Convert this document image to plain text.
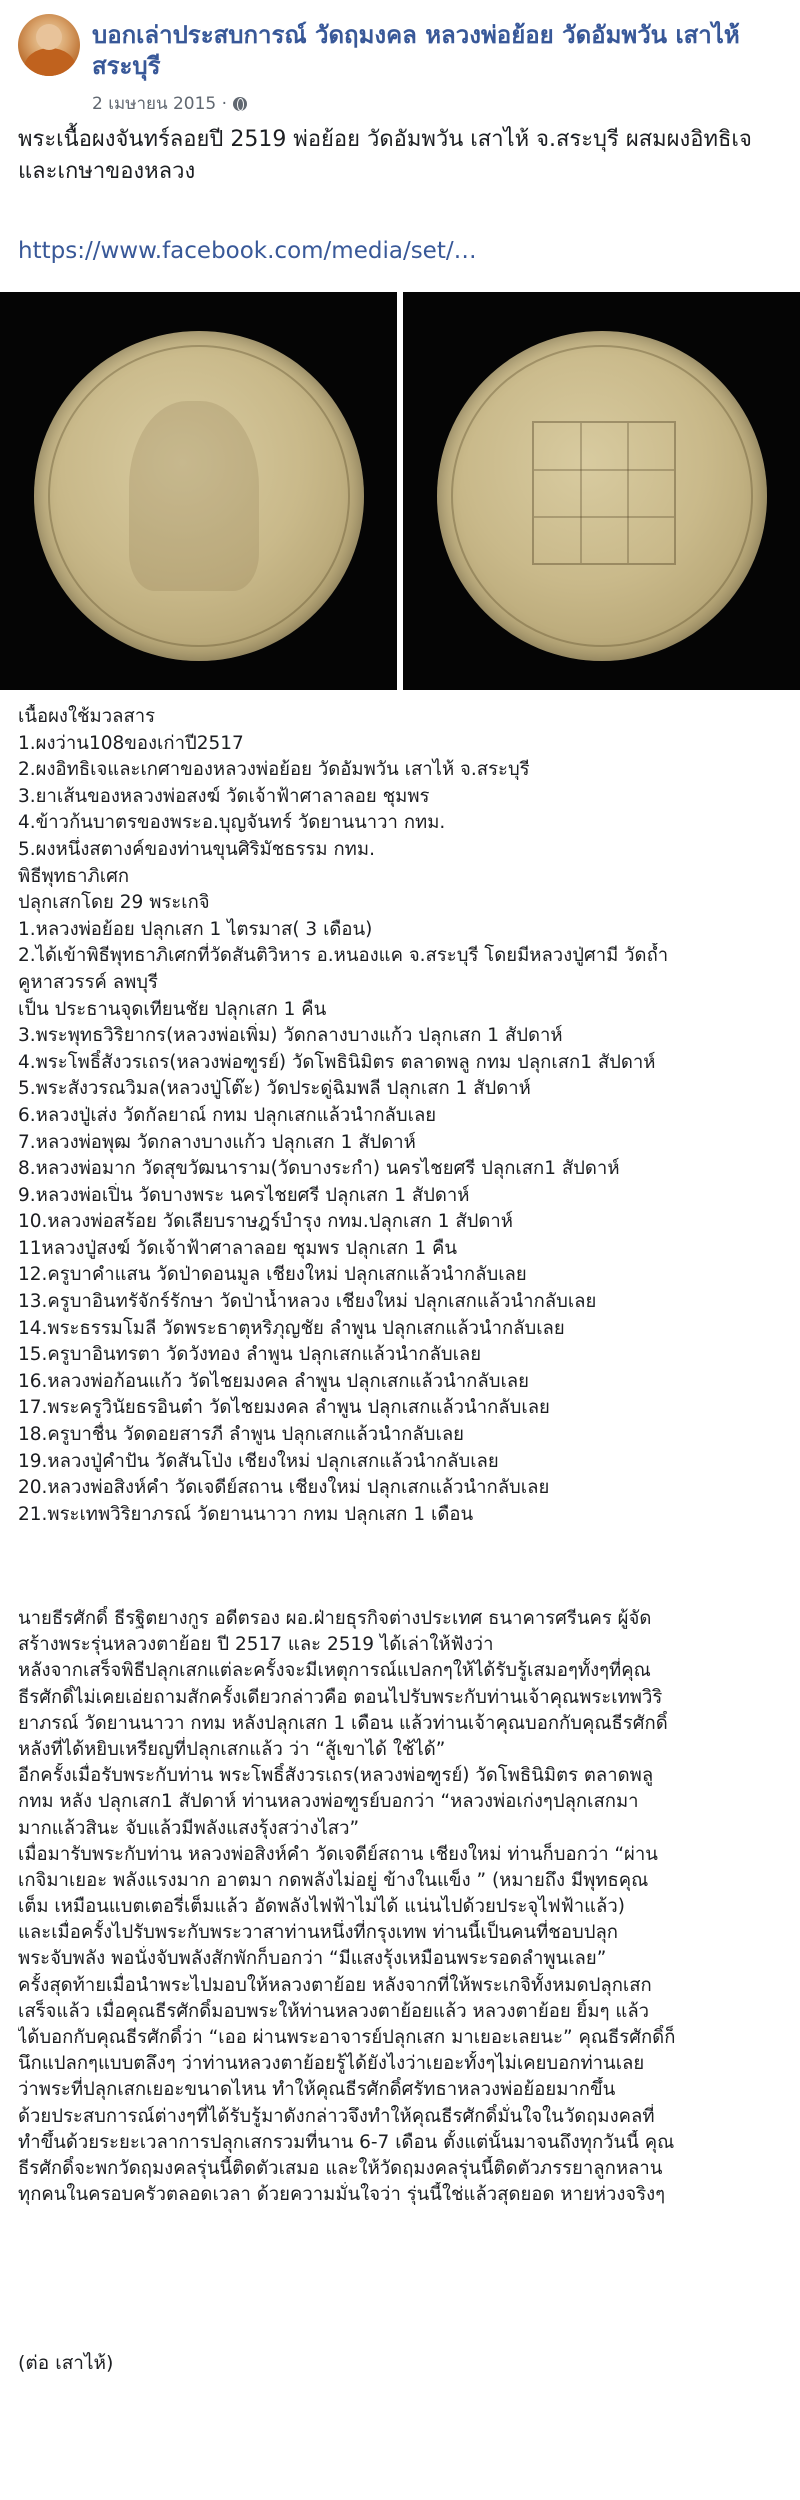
บอกเล่าประสบการณ์ วัดฤมงคล หลวงพ่อย้อย วัดอัมพวัน เสาไห้ สระบุรี
2 เมษายน 2015 ·
พระเนื้อผงจันทร์ลอยปี 2519 พ่อย้อย วัดอัมพวัน เสาไห้ จ.สระบุรี ผสมผงอิทธิเจและเกษาของหลวง
https://www.facebook.com/media/set/…
เนื้อผงใช้มวลสาร
1.ผงว่าน108ของเก่าปี2517
2.ผงอิทธิเจและเกศาของหลวงพ่อย้อย วัดอัมพวัน เสาไห้ จ.สระบุรี
3.ยาเส้นของหลวงพ่อสงฆ์ วัดเจ้าฟ้าศาลาลอย ชุมพร
4.ข้าวก้นบาตรของพระอ.บุญจันทร์ วัดยานนาวา กทม.
5.ผงหนึ่งสตางค์ของท่านขุนศิริมัชธรรม กทม.
พิธีพุทธาภิเศก
ปลุกเสกโดย 29 พระเกจิ
1.หลวงพ่อย้อย ปลุกเสก 1 ไตรมาส( 3 เดือน)
2.ได้เข้าพิธีพุทธาภิเศกที่วัดสันติวิหาร อ.หนองแค จ.สระบุรี โดยมีหลวงปู่ศามี วัดถ้ำ
คูหาสวรรค์ ลพบุรี
เป็น ประธานจุดเทียนชัย ปลุกเสก 1 คืน
3.พระพุทธวิริยากร(หลวงพ่อเพิ่ม) วัดกลางบางแก้ว ปลุกเสก 1 สัปดาห์
4.พระโพธิ์สังวรเถร(หลวงพ่อฑูรย์) วัดโพธินิมิตร ตลาดพลู กทม ปลุกเสก1 สัปดาห์
5.พระสังวรณวิมล(หลวงปู่โต๊ะ) วัดประดู่ฉิมพลี ปลุกเสก 1 สัปดาห์
6.หลวงปู่เส่ง วัดกัลยาณ์ กทม ปลุกเสกแล้วนำกลับเลย
7.หลวงพ่อพุฒ วัดกลางบางแก้ว ปลุกเสก 1 สัปดาห์
8.หลวงพ่อมาก วัดสุขวัฒนาราม(วัดบางระกำ) นครไชยศรี ปลุกเสก1 สัปดาห์
9.หลวงพ่อเปิ่น วัดบางพระ นครไชยศรี ปลุกเสก 1 สัปดาห์
10.หลวงพ่อสร้อย วัดเลียบราษฎร์บำรุง กทม.ปลุกเสก 1 สัปดาห์
11หลวงปู่สงฆ์ วัดเจ้าฟ้าศาลาลอย ชุมพร ปลุกเสก 1 คืน
12.ครูบาคำแสน วัดป่าดอนมูล เชียงใหม่ ปลุกเสกแล้วนำกลับเลย
13.ครูบาอินทรัจักร์รักษา วัดป่าน้ำหลวง เชียงใหม่ ปลุกเสกแล้วนำกลับเลย
14.พระธรรมโมลี วัดพระธาตุหริภุญชัย ลำพูน ปลุกเสกแล้วนำกลับเลย
15.ครูบาอินทรตา วัดวังทอง ลำพูน ปลุกเสกแล้วนำกลับเลย
16.หลวงพ่อก้อนแก้ว วัดไชยมงคล ลำพูน ปลุกเสกแล้วนำกลับเลย
17.พระครูวินัยธรอินต๋า วัดไชยมงคล ลำพูน ปลุกเสกแล้วนำกลับเลย
18.ครูบาชื่น วัดดอยสารภี ลำพูน ปลุกเสกแล้วนำกลับเลย
19.หลวงปู่คำปัน วัดสันโป่ง เชียงใหม่ ปลุกเสกแล้วนำกลับเลย
20.หลวงพ่อสิงห์คำ วัดเจดีย์สถาน เชียงใหม่ ปลุกเสกแล้วนำกลับเลย
21.พระเทพวิริยาภรณ์ วัดยานนาวา กทม ปลุกเสก 1 เดือน
นายธีรศักดิ์ ธีรฐิตยางกูร อดีตรอง ผอ.ฝ่ายธุรกิจต่างประเทศ ธนาคารศรีนคร ผู้จัด
สร้างพระรุ่นหลวงตาย้อย ปี 2517 และ 2519 ได้เล่าให้ฟังว่า
หลังจากเสร็จพิธีปลุกเสกแต่ละครั้งจะมีเหตุการณ์แปลกๆให้ได้รับรู้เสมอๆทั้งๆที่คุณ
ธีรศักดิ์ไม่เคยเอ่ยถามสักครั้งเดียวกล่าวคือ ตอนไปรับพระกับท่านเจ้าคุณพระเทพวิริ
ยาภรณ์ วัดยานนาวา กทม หลังปลุกเสก 1 เดือน แล้วท่านเจ้าคุณบอกกับคุณธีรศักดิ์
หลังที่ได้หยิบเหรียญที่ปลุกเสกแล้ว ว่า “สู้เขาได้ ใช้ได้”
อีกครั้งเมื่อรับพระกับท่าน พระโพธิ์สังวรเถร(หลวงพ่อฑูรย์) วัดโพธินิมิตร ตลาดพลู
กทม หลัง ปลุกเสก1 สัปดาห์ ท่านหลวงพ่อฑูรย์บอกว่า “หลวงพ่อเก่งๆปลุกเสกมา
มากแล้วสินะ จับแล้วมีพลังแสงรุ้งสว่างไสว”
เมื่อมารับพระกับท่าน หลวงพ่อสิงห์คำ วัดเจดีย์สถาน เชียงใหม่ ท่านก็บอกว่า “ผ่าน
เกจิมาเยอะ พลังแรงมาก อาตมา กดพลังไม่อยู่ ข้างในแข็ง ” (หมายถึง มีพุทธคุณ
เต็ม เหมือนแบตเตอรี่เต็มแล้ว อัดพลังไฟฟ้าไม่ได้ แน่นไปด้วยประจุไฟฟ้าแล้ว)
และเมื่อครั้งไปรับพระกับพระวาสาท่านหนึ่งที่กรุงเทพ ท่านนี้เป็นคนที่ชอบปลุก
พระจับพลัง พอนั่งจับพลังสักพักก็บอกว่า “มีแสงรุ้งเหมือนพระรอดลำพูนเลย”
ครั้งสุดท้ายเมื่อนำพระไปมอบให้หลวงตาย้อย หลังจากที่ให้พระเกจิทั้งหมดปลุกเสก
เสร็จแล้ว เมื่อคุณธีรศักดิ์มอบพระให้ท่านหลวงตาย้อยแล้ว หลวงตาย้อย ยิ้มๆ แล้ว
ได้บอกกับคุณธีรศักดิ์ว่า “เออ ผ่านพระอาจารย์ปลุกเสก มาเยอะเลยนะ” คุณธีรศักดิ์ก็
นึกแปลกๆแบบตลึงๆ ว่าท่านหลวงตาย้อยรู้ได้ยังไงว่าเยอะทั้งๆไม่เคยบอกท่านเลย
ว่าพระที่ปลุกเสกเยอะขนาดไหน ทำให้คุณธีรศักดิ์ศรัทธาหลวงพ่อย้อยมากขึ้น
ด้วยประสบการณ์ต่างๆที่ได้รับรู้มาดังกล่าวจึงทำให้คุณธีรศักดิ์มั่นใจในวัดฤมงคลที่
ทำขึ้นด้วยระยะเวลาการปลุกเสกรวมที่นาน 6-7 เดือน ตั้งแต่นั้นมาจนถึงทุกวันนี้ คุณ
ธีรศักดิ์จะพกวัดฤมงคลรุ่นนี้ติดตัวเสมอ และให้วัดฤมงคลรุ่นนี้ติดตัวภรรยาลูกหลาน
ทุกคนในครอบครัวตลอดเวลา ด้วยความมั่นใจว่า รุ่นนี้ใช่แล้วสุดยอด หายห่วงจริงๆ
(ต่อ เสาไห้)
